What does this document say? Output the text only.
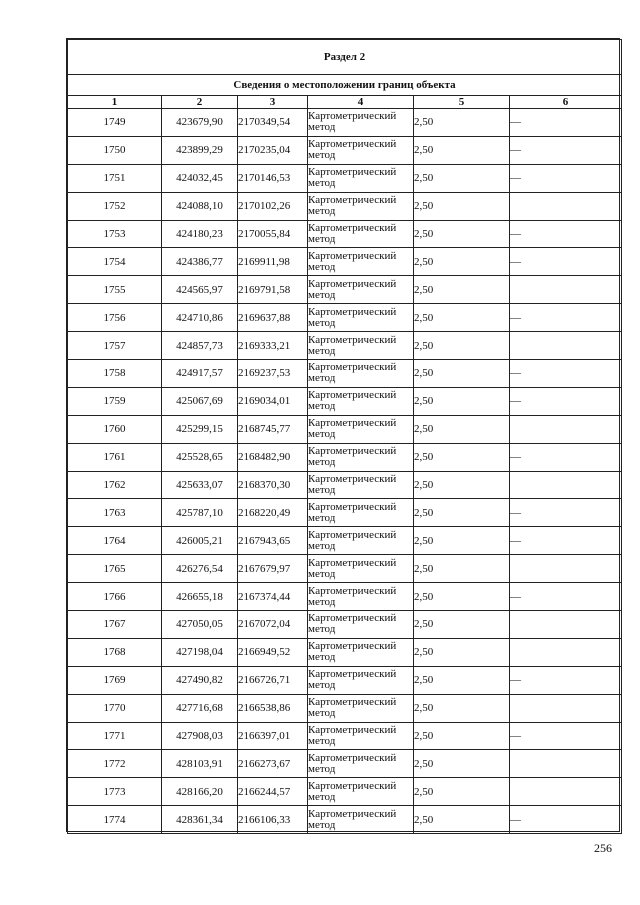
Раздел 2					
Сведения о местоположении границ объекта					
1	2	3	4	5	6
1749	423679,90	2170349,54	Картометрический
метод	2,50	—
1750	423899,29	2170235,04	Картометрический
метод	2,50	—
1751	424032,45	2170146,53	Картометрический
метод	2,50	—
1752	424088,10	2170102,26	Картометрический
метод	2,50	
1753	424180,23	2170055,84	Картометрический
метод	2,50	—
1754	424386,77	2169911,98	Картометрический
метод	2,50	—
1755	424565,97	2169791,58	Картометрический
метод	2,50	
1756	424710,86	2169637,88	Картометрический
метод	2,50	—
1757	424857,73	2169333,21	Картометрический
метод	2,50	
1758	424917,57	2169237,53	Картометрический
метод	2,50	—
1759	425067,69	2169034,01	Картометрический
метод	2,50	—
1760	425299,15	2168745,77	Картометрический
метод	2,50	
1761	425528,65	2168482,90	Картометрический
метод	2,50	—
1762	425633,07	2168370,30	Картометрический
метод	2,50	
1763	425787,10	2168220,49	Картометрический
метод	2,50	—
1764	426005,21	2167943,65	Картометрический
метод	2,50	—
1765	426276,54	2167679,97	Картометрический
метод	2,50	
1766	426655,18	2167374,44	Картометрический
метод	2,50	—
1767	427050,05	2167072,04	Картометрический
метод	2,50	
1768	427198,04	2166949,52	Картометрический
метод	2,50	
1769	427490,82	2166726,71	Картометрический
метод	2,50	—
1770	427716,68	2166538,86	Картометрический
метод	2,50	
1771	427908,03	2166397,01	Картометрический
метод	2,50	—
1772	428103,91	2166273,67	Картометрический
метод	2,50	
1773	428166,20	2166244,57	Картометрический
метод	2,50	
1774	428361,34	2166106,33	Картометрический
метод	2,50	—
256
